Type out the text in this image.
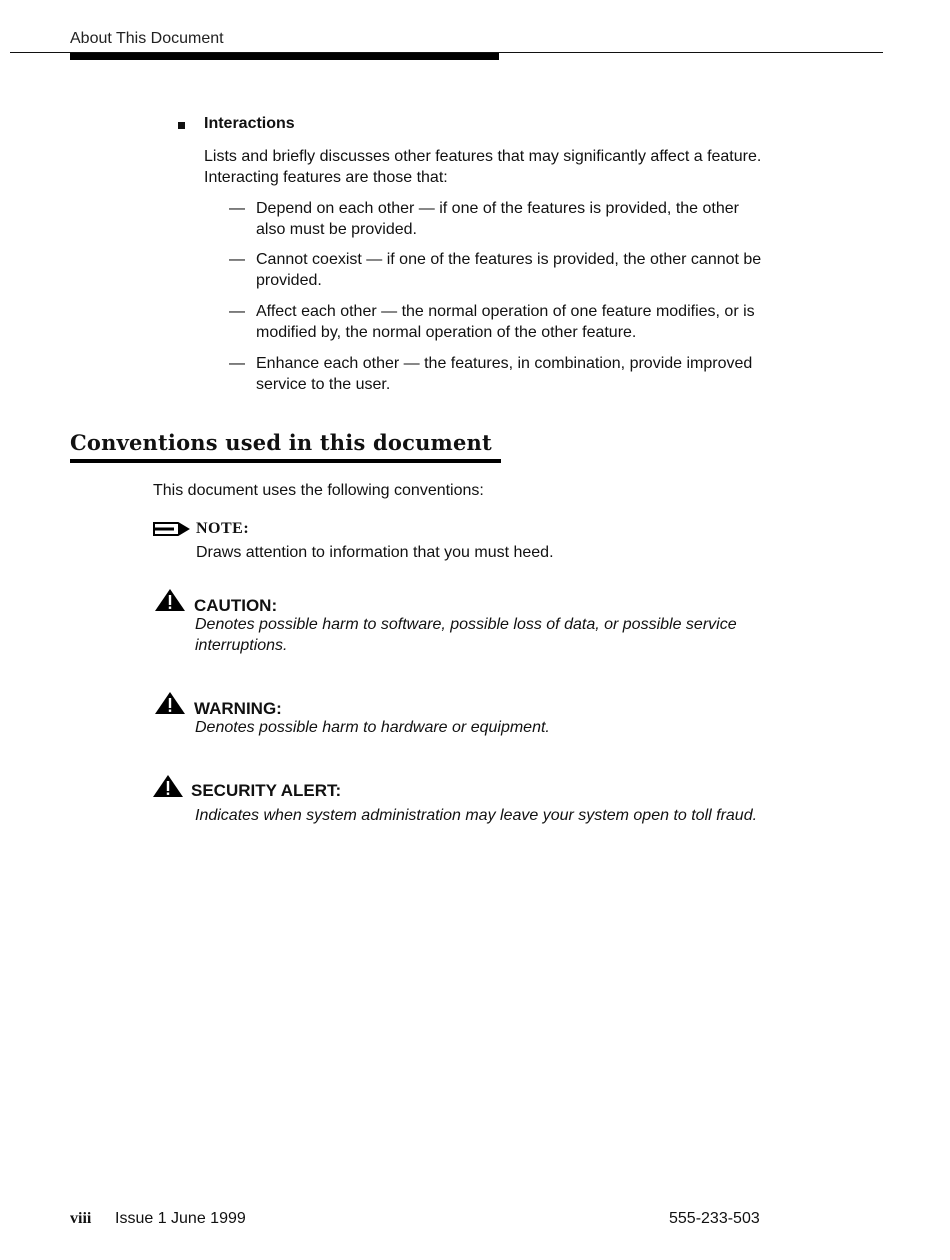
About This Document
Interactions
Lists and briefly discusses other features that may significantly affect a feature. Interacting features are those that:
— Depend on each other — if one of the features is provided, the other also must be provided.
— Cannot coexist — if one of the features is provided, the other cannot be provided.
— Affect each other — the normal operation of one feature modifies, or is modified by, the normal operation of the other feature.
— Enhance each other — the features, in combination, provide improved service to the user.
Conventions used in this document
This document uses the following conventions:
NOTE:
Draws attention to information that you must heed.
CAUTION:
Denotes possible harm to software, possible loss of data, or possible service interruptions.
WARNING:
Denotes possible harm to hardware or equipment.
SECURITY ALERT:
Indicates when system administration may leave your system open to toll fraud.
viii Issue 1 June 1999	555-233-503
